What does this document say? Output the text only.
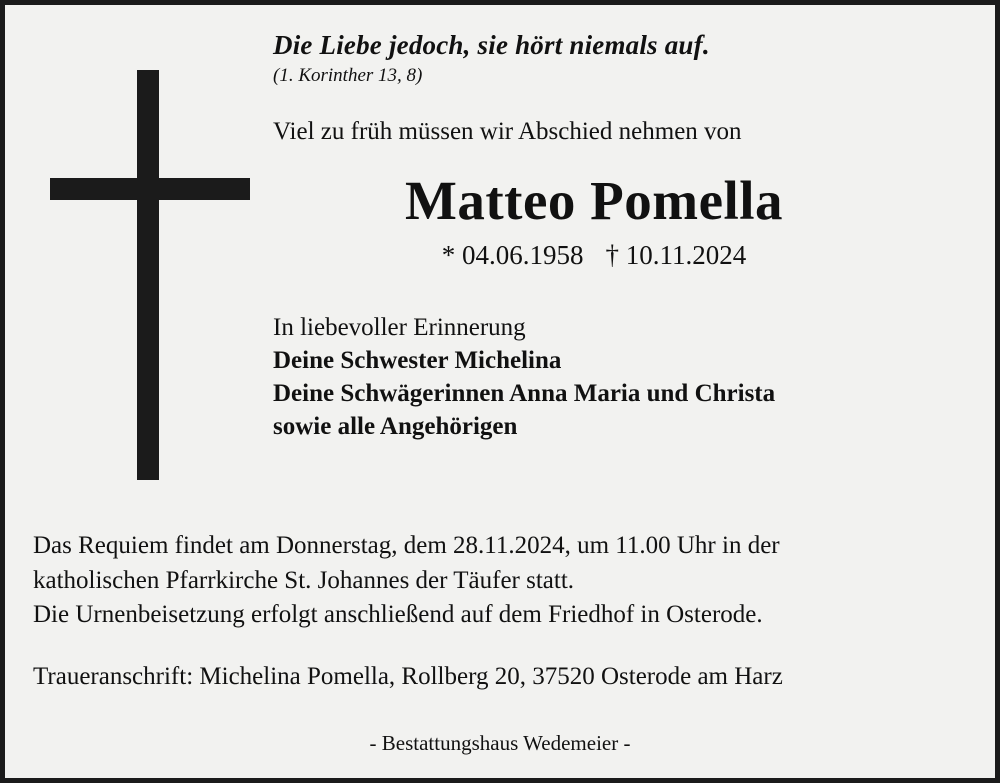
Die Liebe jedoch, sie hört niemals auf.
(1. Korinther 13, 8)
Viel zu früh müssen wir Abschied nehmen von
Matteo Pomella
* 04.06.1958 † 10.11.2024
In liebevoller Erinnerung
Deine Schwester Michelina
Deine Schwägerinnen Anna Maria und Christa
sowie alle Angehörigen

Das Requiem findet am Donnerstag, dem 28.11.2024, um 11.00 Uhr in der

katholischen Pfarrkirche St. Johannes der Täufer statt.

Die Urnenbeisetzung erfolgt anschließend auf dem Friedhof in Osterode.

Traueranschrift: Michelina Pomella, Rollberg 20, 37520 Osterode am Harz

- Bestattungshaus Wedemeier -
